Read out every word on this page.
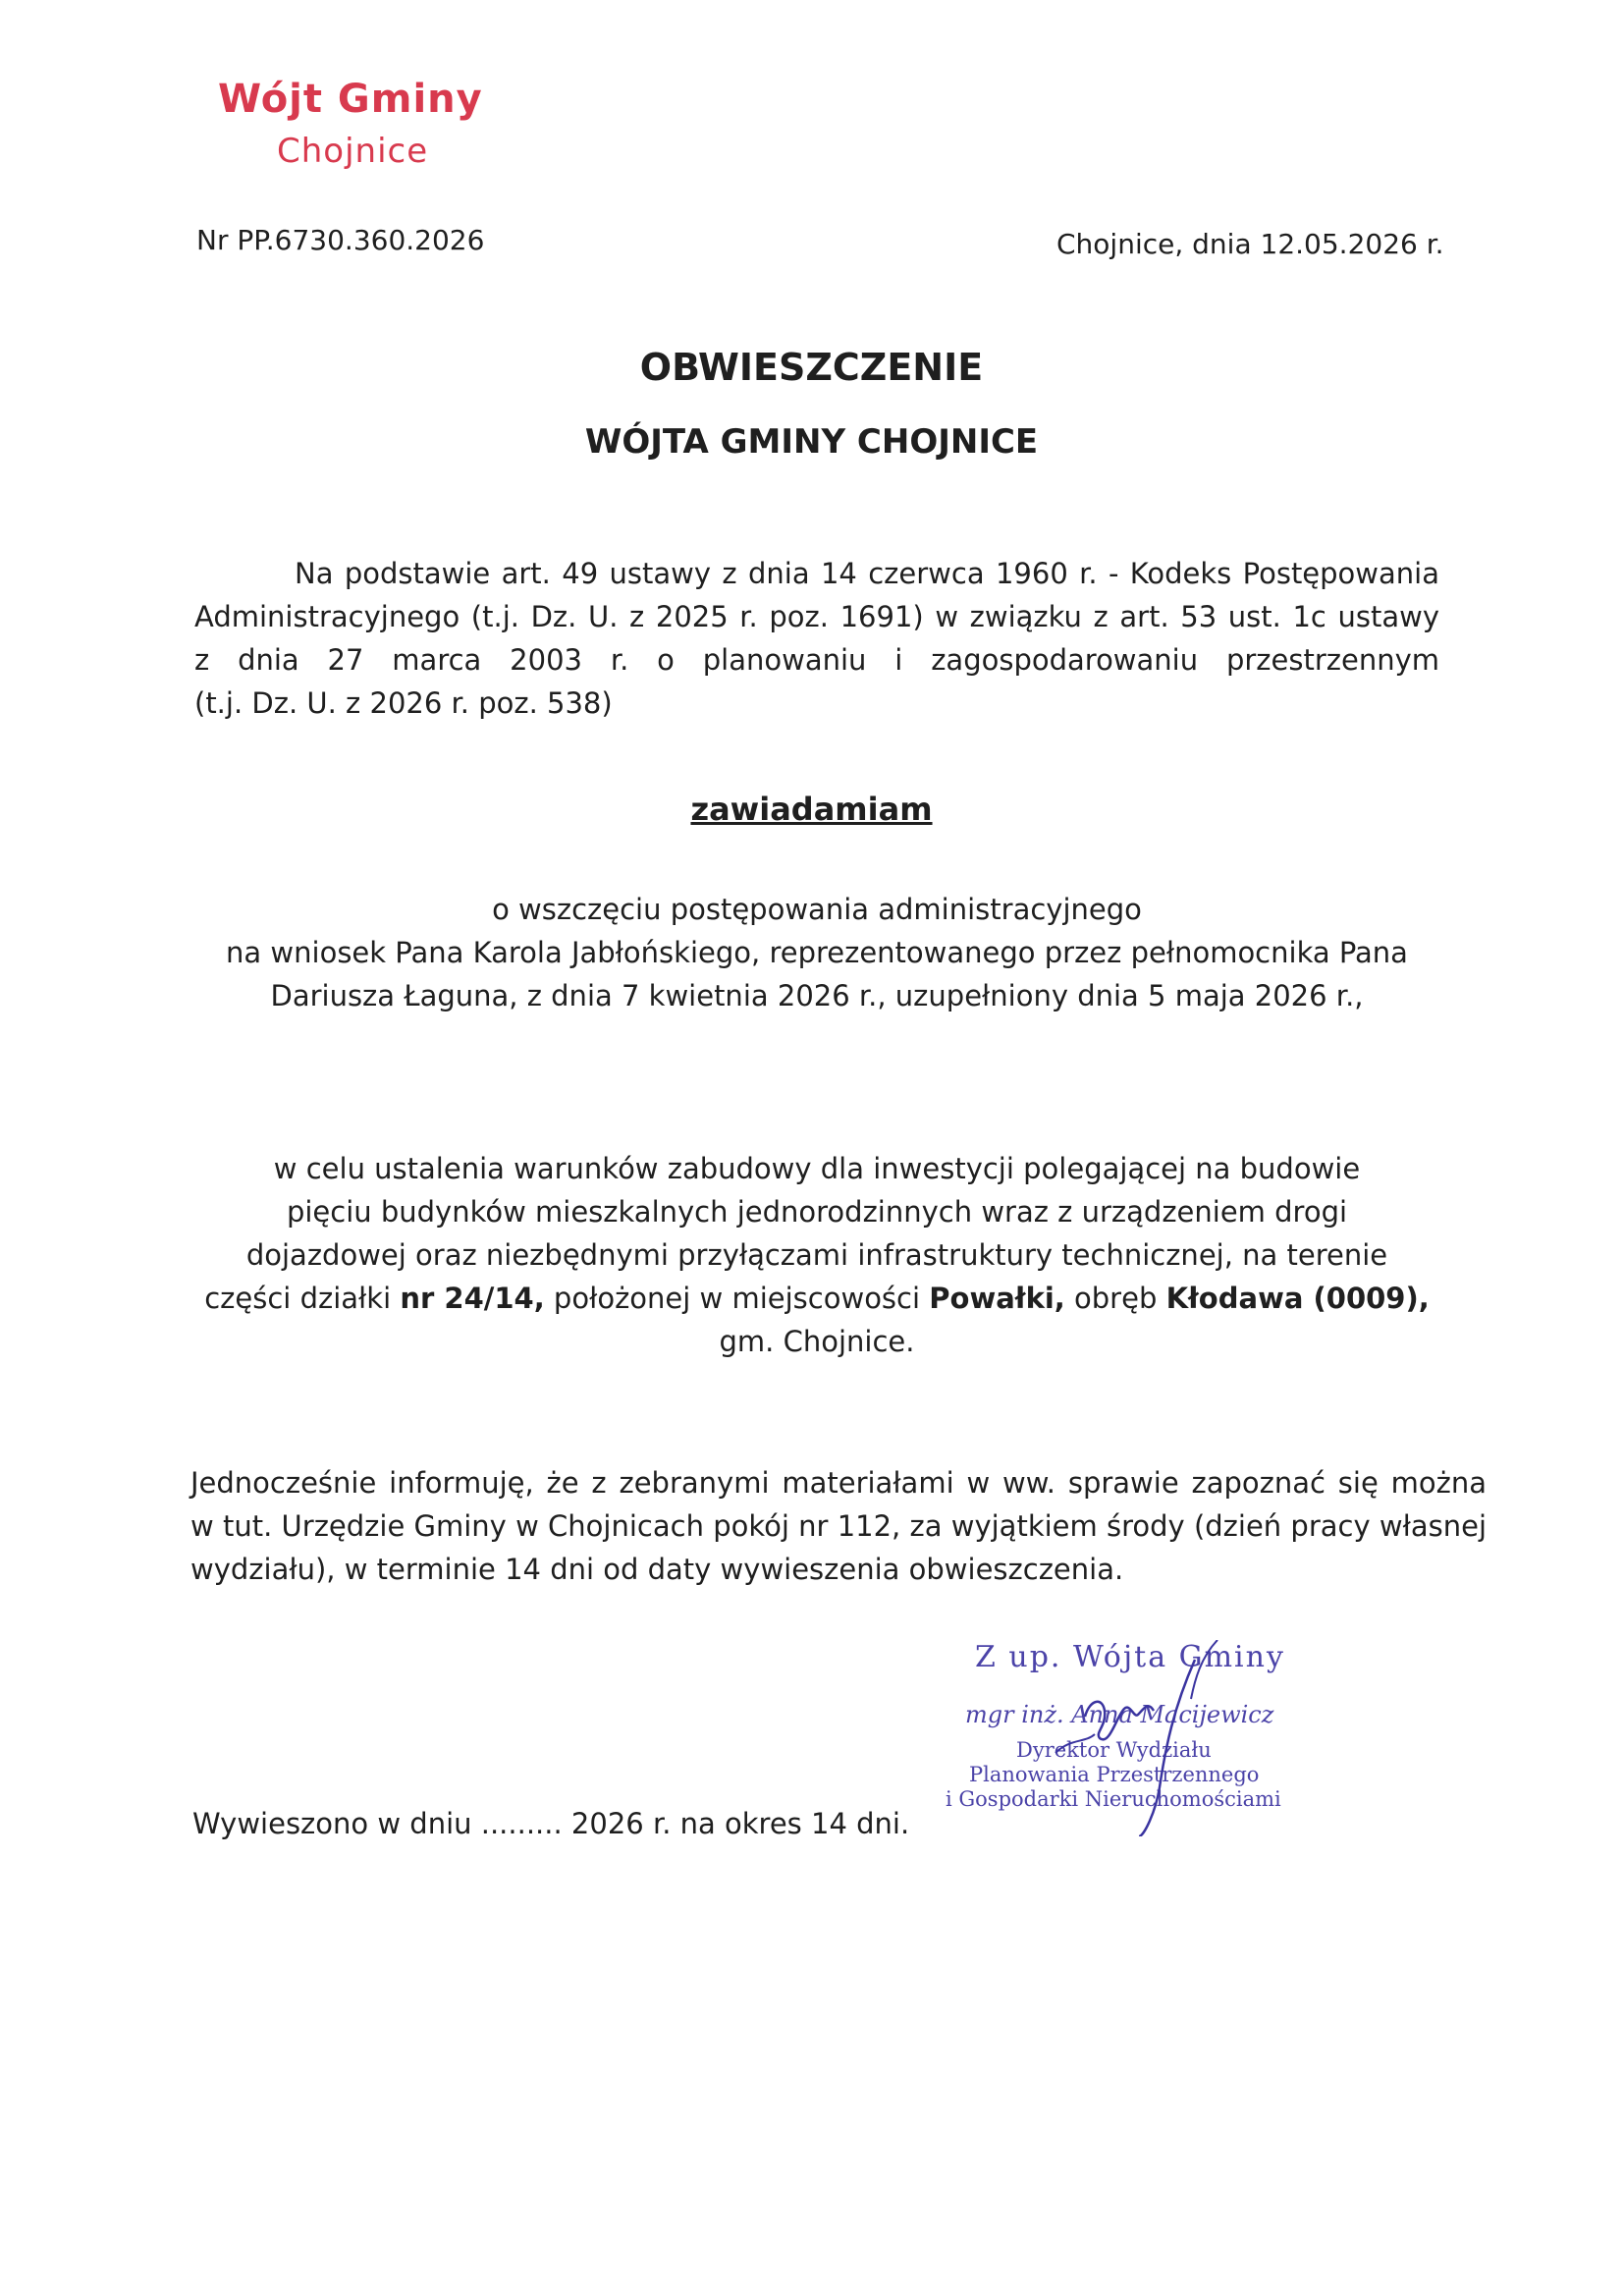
Wójt Gminy
Chojnice
Nr PP.6730.360.2026	Chojnice, dnia 12.05.2026 r.
OBWIESZCZENIE
WÓJTA GMINY CHOJNICE
Na podstawie art. 49 ustawy z dnia 14 czerwca 1960 r. - Kodeks Postępowania
Administracyjnego (t.j. Dz. U. z 2025 r. poz. 1691) w związku z art. 53 ust. 1c ustawy
z dnia 27 marca 2003 r. o planowaniu i zagospodarowaniu przestrzennym
(t.j. Dz. U. z 2026 r. poz. 538)
zawiadamiam
o wszczęciu postępowania administracyjnego
na wniosek Pana Karola Jabłońskiego, reprezentowanego przez pełnomocnika Pana
Dariusza Łaguna, z dnia 7 kwietnia 2026 r., uzupełniony dnia 5 maja 2026 r.,
w celu ustalenia warunków zabudowy dla inwestycji polegającej na budowie
pięciu budynków mieszkalnych jednorodzinnych wraz z urządzeniem drogi
dojazdowej oraz niezbędnymi przyłączami infrastruktury technicznej, na terenie
części działki nr 24/14, położonej w miejscowości Powałki, obręb Kłodawa (0009),
gm. Chojnice.
Jednocześnie informuję, że z zebranymi materiałami w ww. sprawie zapoznać się można
w tut. Urzędzie Gminy w Chojnicach pokój nr 112, za wyjątkiem środy (dzień pracy własnej
wydziału), w terminie 14 dni od daty wywieszenia obwieszczenia.
Z up. Wójta Gminy
mgr inż. Anna Macijewicz
Dyrektor Wydziału
Planowania Przestrzennego
i Gospodarki Nieruchomościami
Wywieszono w dniu ......... 2026 r. na okres 14 dni.
